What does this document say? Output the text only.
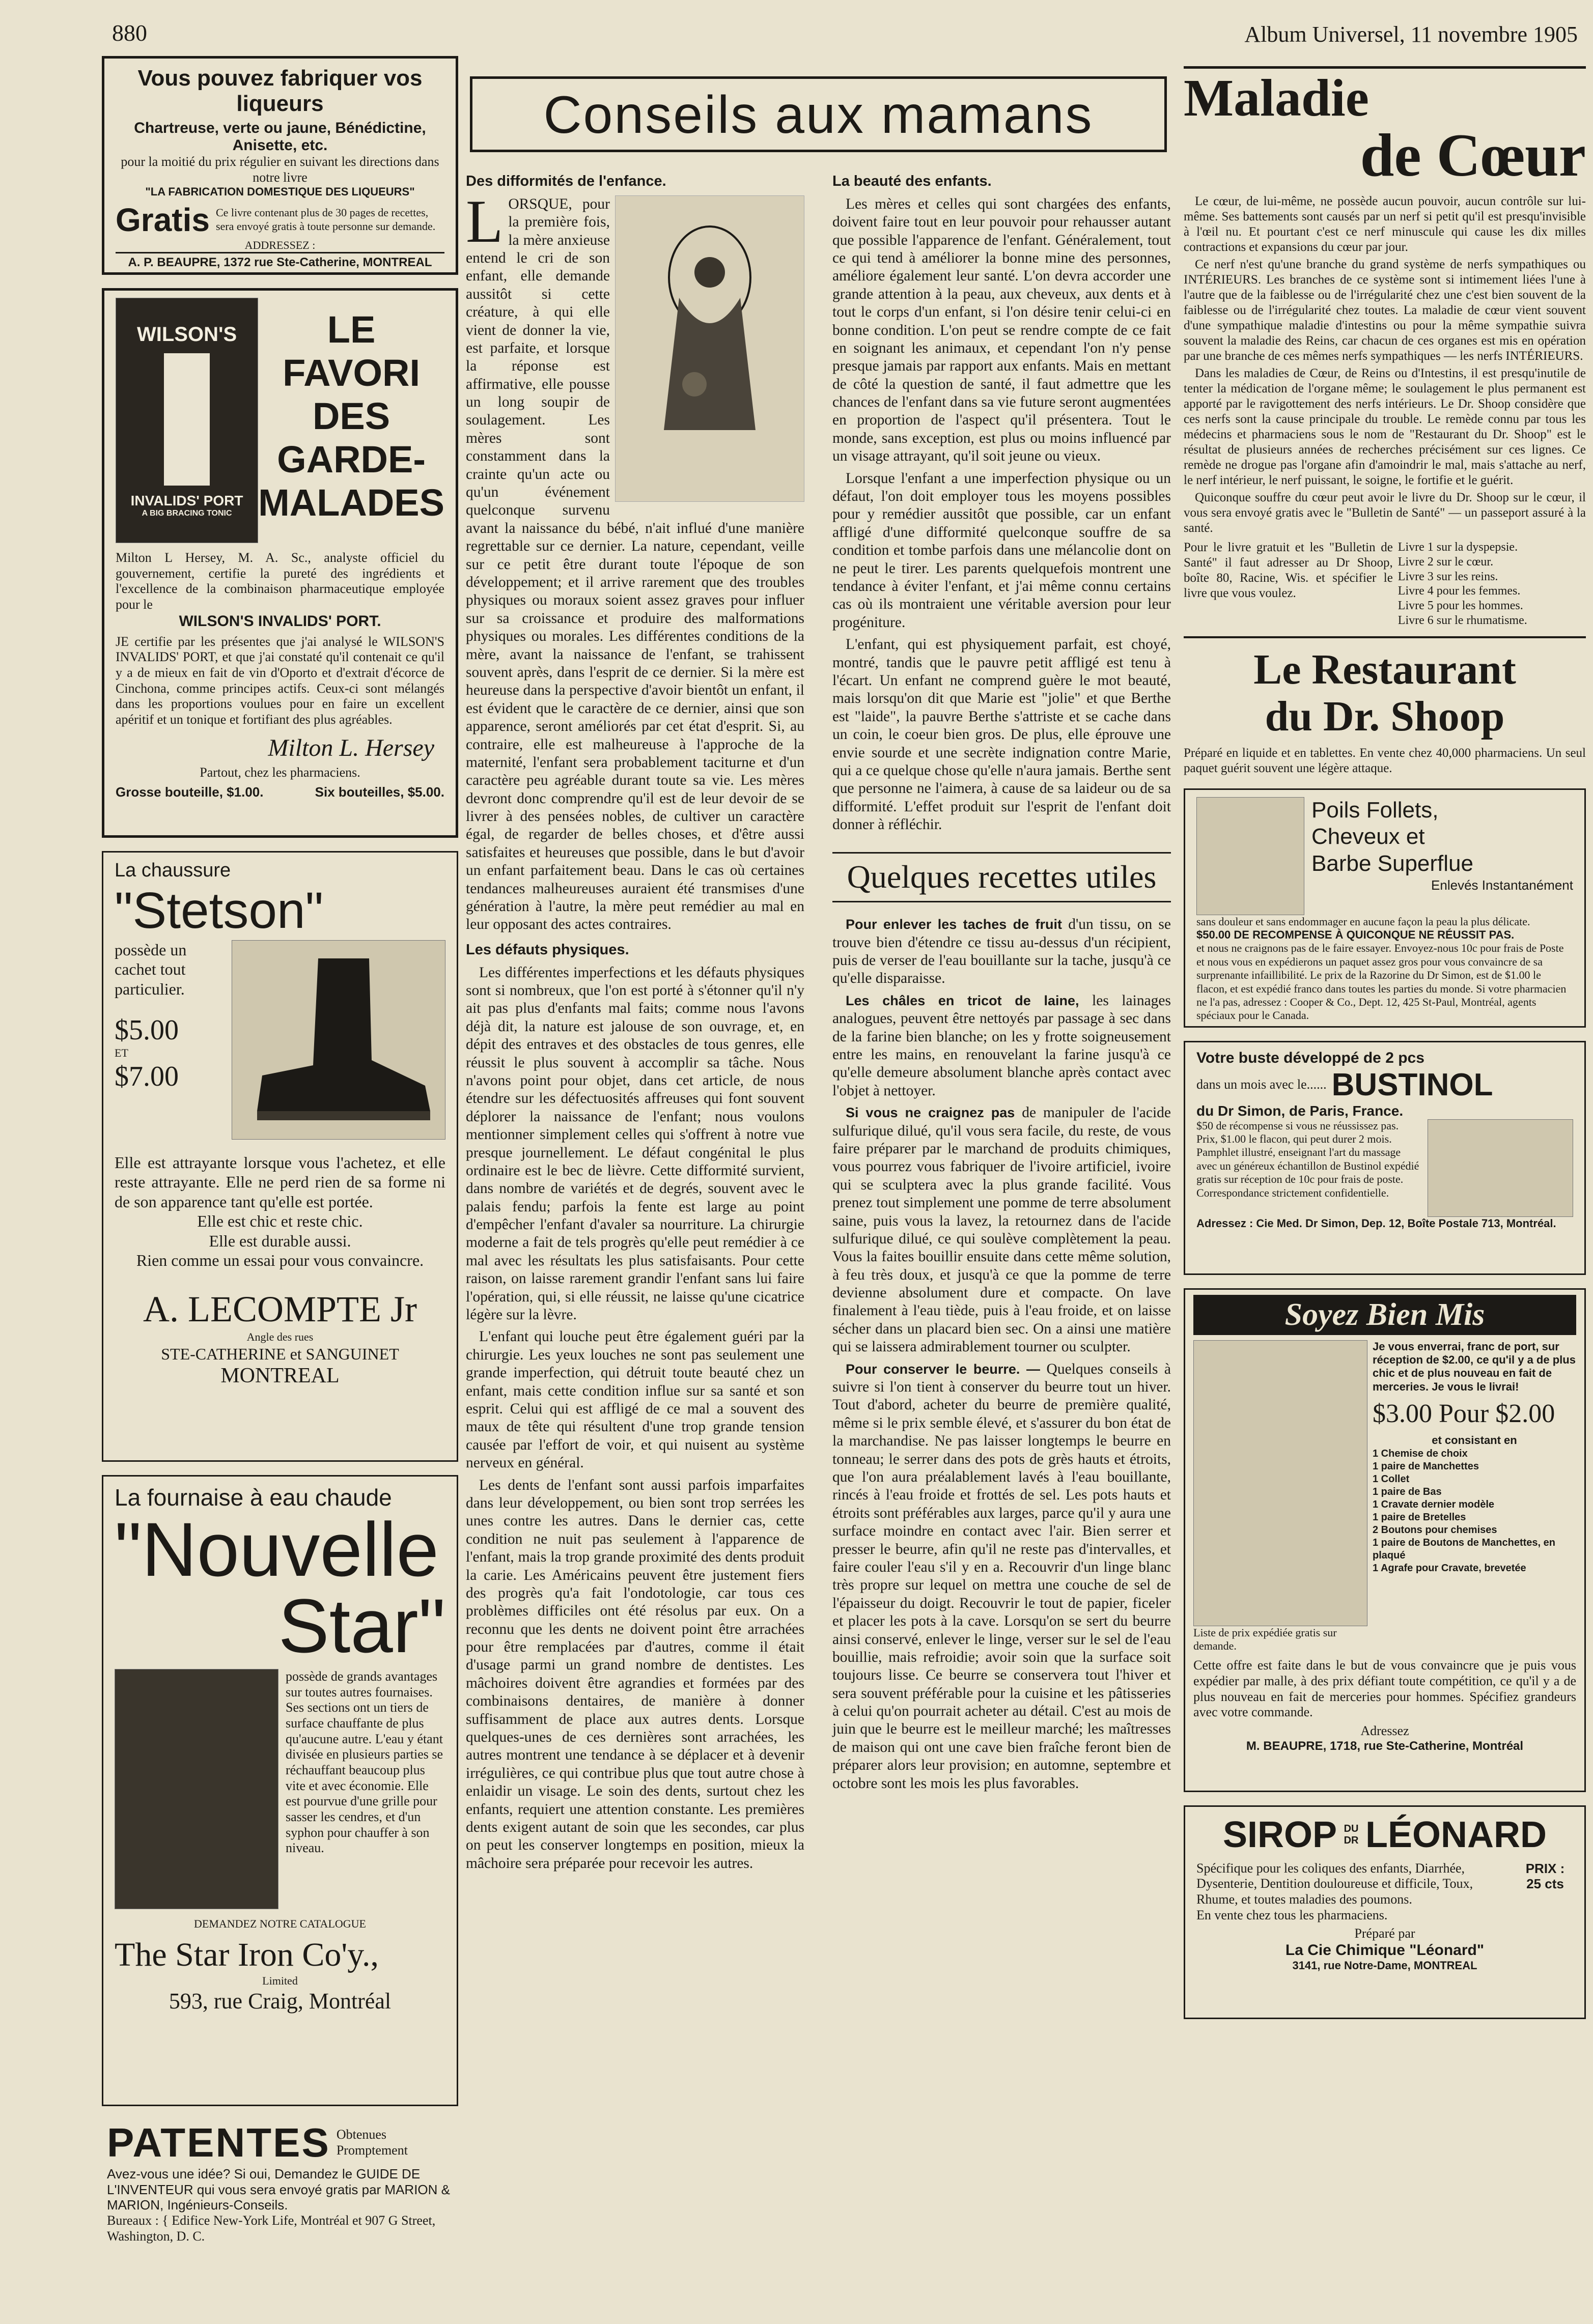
880	Album Universel, 11 novembre 1905
Vous pouvez fabriquer vos liqueurs
Chartreuse, verte ou jaune, Bénédictine, Anisette, etc.
pour la moitié du prix régulier en suivant les directions dans notre livre
"LA FABRICATION DOMESTIQUE DES LIQUEURS"
Gratis Ce livre contenant plus de 30 pages de recettes, sera envoyé gratis à toute personne sur demande.
ADDRESSEZ :
A. P. BEAUPRE, 1372 rue Ste-Catherine, MONTREAL
WILSON'S
INVALIDS' PORT
A BIG BRACING TONIC
LE FAVORI
DES
GARDE-
MALADES
Milton L Hersey, M. A. Sc., analyste officiel du gouvernement, certifie la pureté des ingrédients et l'excellence de la combinaison pharmaceutique employée pour le
WILSON'S INVALIDS' PORT.
JE certifie par les présentes que j'ai analysé le WILSON'S INVALIDS' PORT, et que j'ai constaté qu'il contenait ce qu'il y a de mieux en fait de vin d'Oporto et d'extrait d'écorce de Cinchona, comme principes actifs. Ceux-ci sont mélangés dans les proportions voulues pour en faire un excellent apéritif et un tonique et fortifiant des plus agréables.
Milton L. Hersey
Partout, chez les pharmaciens.
Grosse bouteille, $1.00.	Six bouteilles, $5.00.
La chaussure
"Stetson"
possède un cachet tout particulier.
$5.00
ET
$7.00
Elle est attrayante lorsque vous l'achetez, et elle reste attrayante. Elle ne perd rien de sa forme ni de son apparence tant qu'elle est portée.
Elle est chic et reste chic.
Elle est durable aussi.
Rien comme un essai pour vous convaincre.
A. LECOMPTE Jr
Angle des rues
STE-CATHERINE et SANGUINET
MONTREAL
La fournaise à eau chaude
"Nouvelle
Star"
possède de grands avantages sur toutes autres fournaises. Ses sections ont un tiers de surface chauffante de plus qu'aucune autre. L'eau y étant divisée en plusieurs parties se réchauffant beaucoup plus vite et avec économie. Elle est pourvue d'une grille pour sasser les cendres, et d'un syphon pour chauffer à son niveau.
DEMANDEZ NOTRE CATALOGUE
The Star Iron Co'y.,
Limited
593, rue Craig, Montréal
PATENTES Obtenues Promptement
Avez-vous une idée? Si oui, Demandez le GUIDE DE L'INVENTEUR qui vous sera envoyé gratis par MARION & MARION, Ingénieurs-Conseils.
Bureaux : { Edifice New-York Life, Montréal et 907 G Street, Washington, D. C.
Conseils aux mamans
Des difformités de l'enfance.

LORSQUE, pour la première fois, la mère anxieuse entend le cri de son enfant, elle demande aussitôt si cette créature, à qui elle vient de donner la vie, est parfaite, et lorsque la réponse est affirmative, elle pousse un long soupir de soulagement. Les mères sont constamment dans la crainte qu'un acte ou qu'un événement quelconque survenu avant la naissance du bébé, n'ait influé d'une manière regrettable sur ce dernier. La nature, cependant, veille sur ce petit être durant toute l'époque de son développement; et il arrive rarement que des troubles physiques ou moraux soient assez graves pour influer sur sa croissance et produire des malformations physiques ou morales. Les différentes conditions de la mère, avant la naissance de l'enfant, se trahissent souvent après, dans l'esprit de ce dernier. Si la mère est heureuse dans la perspective d'avoir bientôt un enfant, il est évident que le caractère de ce dernier, ainsi que son apparence, seront améliorés par cet état d'esprit. Si, au contraire, elle est malheureuse à l'approche de la maternité, l'enfant sera probablement taciturne et d'un caractère peu agréable durant toute sa vie. Les mères devront donc comprendre qu'il est de leur devoir de se livrer à des pensées nobles, de cultiver un caractère égal, de regarder de belles choses, et d'être aussi satisfaites et heureuses que possible, dans le but d'avoir un enfant parfaitement beau. Dans le cas où certaines tendances malheureuses auraient été transmises d'une génération à l'autre, la mère peut remédier au mal en leur opposant des actes contraires.

Les défauts physiques.

Les différentes imperfections et les défauts physiques sont si nombreux, que l'on est porté à s'étonner qu'il n'y ait pas plus d'enfants mal faits; comme nous l'avons déjà dit, la nature est jalouse de son ouvrage, et, en dépit des entraves et des obstacles de tous genres, elle réussit le plus souvent à accomplir sa tâche. Nous n'avons point pour objet, dans cet article, de nous étendre sur les défectuosités affreuses qui font souvent déplorer la naissance de l'enfant; nous voulons mentionner simplement celles qui s'offrent à notre vue presque journellement. Le défaut congénital le plus ordinaire est le bec de lièvre. Cette difformité survient, dans nombre de variétés et de degrés, souvent avec le palais fendu; parfois la fente est large au point d'empêcher l'enfant d'avaler sa nourriture. La chirurgie moderne a fait de tels progrès qu'elle peut remédier à ce mal avec les résultats les plus satisfaisants. Pour cette raison, on laisse rarement grandir l'enfant sans lui faire l'opération, qui, si elle réussit, ne laisse qu'une cicatrice légère sur la lèvre.

L'enfant qui louche peut être également guéri par la chirurgie. Les yeux louches ne sont pas seulement une grande imperfection, qui détruit toute beauté chez un enfant, mais cette condition influe sur sa santé et son esprit. Celui qui est affligé de ce mal a souvent des maux de tête qui résultent d'une trop grande tension causée par l'effort de voir, et qui nuisent au système nerveux en général.

Les dents de l'enfant sont aussi parfois imparfaites dans leur développement, ou bien sont trop serrées les unes contre les autres. Dans le dernier cas, cette condition ne nuit pas seulement à l'apparence de l'enfant, mais la trop grande proximité des dents produit la carie. Les Américains peuvent être justement fiers des progrès qu'a fait l'ondotologie, car tous ces problèmes difficiles ont été résolus par eux. On a reconnu que les dents ne doivent point être arrachées pour être remplacées par d'autres, comme il était d'usage parmi un grand nombre de dentistes. Les mâchoires doivent être agrandies et formées par des combinaisons dentaires, de manière à donner suffisamment de place aux autres dents. Lorsque quelques-unes de ces dernières sont arrachées, les autres montrent une tendance à se déplacer et à devenir irrégulières, ce qui contribue plus que tout autre chose à enlaidir un visage. Le soin des dents, surtout chez les enfants, requiert une attention constante. Les premières dents exigent autant de soin que les secondes, car plus on peut les conserver longtemps en position, mieux la mâchoire sera préparée pour recevoir les autres.

La beauté des enfants.

Les mères et celles qui sont chargées des enfants, doivent faire tout en leur pouvoir pour rehausser autant que possible l'apparence de l'enfant. Généralement, tout ce qui tend à améliorer la bonne mine des personnes, améliore également leur santé. L'on devra accorder une grande attention à la peau, aux cheveux, aux dents et à tout le corps d'un enfant, si l'on désire tenir celui-ci en bonne condition. L'on peut se rendre compte de ce fait en soignant les animaux, et cependant l'on n'y pense presque jamais par rapport aux enfants. Mais en mettant de côté la question de santé, il faut admettre que les chances de l'enfant dans sa vie future seront augmentées en proportion de l'aspect qu'il présentera. Tout le monde, sans exception, est plus ou moins influencé par un visage attrayant, qu'il soit jeune ou vieux.

Lorsque l'enfant a une imperfection physique ou un défaut, l'on doit employer tous les moyens possibles pour y remédier aussitôt que possible, car un enfant affligé d'une difformité quelconque souffre de sa condition et tombe parfois dans une mélancolie dont on ne peut le tirer. Les parents quelquefois montrent une tendance à éviter l'enfant, et j'ai même connu certains cas où ils montraient une véritable aversion pour leur progéniture.

L'enfant, qui est physiquement parfait, est choyé, montré, tandis que le pauvre petit affligé est tenu à l'écart. Un enfant ne comprend guère le mot beauté, mais lorsqu'on dit que Marie est "jolie" et que Berthe est "laide", la pauvre Berthe s'attriste et se cache dans un coin, le coeur bien gros. De plus, elle éprouve une envie sourde et une secrète indignation contre Marie, qui a ce quelque chose qu'elle n'aura jamais. Berthe sent que personne ne l'aimera, à cause de sa laideur ou de sa difformité. L'effet produit sur l'esprit de l'enfant doit donner à réfléchir.

Quelques recettes utiles

Pour enlever les taches de fruit d'un tissu, on se trouve bien d'étendre ce tissu au-dessus d'un récipient, puis de verser de l'eau bouillante sur la tache, jusqu'à ce qu'elle disparaisse.

Les châles en tricot de laine, les lainages analogues, peuvent être nettoyés par passage à sec dans de la farine bien blanche; on les y frotte soigneusement entre les mains, en renouvelant la farine jusqu'à ce qu'elle demeure absolument blanche après contact avec l'objet à nettoyer.

Si vous ne craignez pas de manipuler de l'acide sulfurique dilué, qu'il vous sera facile, du reste, de vous faire préparer par le marchand de produits chimiques, vous pourrez vous fabriquer de l'ivoire artificiel, ivoire qui se sculptera avec la plus grande facilité. Vous prenez tout simplement une pomme de terre absolument saine, puis vous la lavez, la retournez dans de l'acide sulfurique dilué, ce qui soulève complètement la peau. Vous la faites bouillir ensuite dans cette même solution, à feu très doux, et jusqu'à ce que la pomme de terre devienne absolument dure et compacte. On lave finalement à l'eau tiède, puis à l'eau froide, et on laisse sécher dans un placard bien sec. On a ainsi une matière qui se laissera admirablement tourner ou sculpter.

Pour conserver le beurre. — Quelques conseils à suivre si l'on tient à conserver du beurre tout un hiver. Tout d'abord, acheter du beurre de première qualité, même si le prix semble élevé, et s'assurer du bon état de la marchandise. Ne pas laisser longtemps le beurre en tonneau; le serrer dans des pots de grès hauts et étroits, que l'on aura préalablement lavés à l'eau bouillante, rincés à l'eau froide et frottés de sel. Les pots hauts et étroits sont préférables aux larges, parce qu'il y aura une surface moindre en contact avec l'air. Bien serrer et presser le beurre, afin qu'il ne reste pas d'intervalles, et faire couler l'eau s'il y en a. Recouvrir d'un linge blanc très propre sur lequel on mettra une couche de sel de l'épaisseur du doigt. Recouvrir le tout de papier, ficeler et placer les pots à la cave. Lorsqu'on se sert du beurre ainsi conservé, enlever le linge, verser sur le sel de l'eau bouillie, mais refroidie; avoir soin que la surface soit toujours lisse. Ce beurre se conservera tout l'hiver et sera souvent préférable pour la cuisine et les pâtisseries à celui qu'on pourrait acheter au détail. C'est au mois de juin que le beurre est le meilleur marché; les maîtresses de maison qui ont une cave bien fraîche feront bien de préparer alors leur provision; en automne, septembre et octobre sont les mois les plus favorables.

Maladie
de Cœur

Le cœur, de lui-même, ne possède aucun pouvoir, aucun contrôle sur lui-même. Ses battements sont causés par un nerf si petit qu'il est presqu'invisible à l'œil nu. Et pourtant c'est ce nerf minuscule qui cause les dix milles contractions et expansions du cœur par jour.

Ce nerf n'est qu'une branche du grand système de nerfs sympathiques ou INTÉRIEURS. Les branches de ce système sont si intimement liées l'une à l'autre que de la faiblesse ou de l'irrégularité chez une c'est bien souvent de la faiblesse ou de l'irrégularité chez toutes. La maladie de cœur vient souvent d'une sympathique maladie d'intestins ou pour la même sympathie suivra souvent la maladie des Reins, car chacun de ces organes est mis en opération par une branche de ces mêmes nerfs sympathiques — les nerfs INTÉRIEURS.

Dans les maladies de Cœur, de Reins ou d'Intestins, il est presqu'inutile de tenter la médication de l'organe même; le soulagement le plus permanent est apporté par le ravigottement des nerfs intérieurs. Le Dr. Shoop considère que ces nerfs sont la cause principale du trouble. Le remède connu par tous les médecins et pharmaciens sous le nom de "Restaurant du Dr. Shoop" est le résultat de plusieurs années de recherches précisément sur ces lignes. Ce remède ne drogue pas l'organe afin d'amoindrir le mal, mais s'attache au nerf, le nerf intérieur, le nerf puissant, le soigne, le fortifie et le guérit.

Quiconque souffre du cœur peut avoir le livre du Dr. Shoop sur le cœur, il vous sera envoyé gratis avec le "Bulletin de Santé" — un passeport assuré à la santé.

Pour le livre gratuit et les "Bulletin de Santé" il faut adresser au Dr Shoop, boîte 80, Racine, Wis. et spécifier le livre que vous voulez.
Livre 1 sur la dyspepsie.
Livre 2 sur le cœur.
Livre 3 sur les reins.
Livre 4 pour les femmes.
Livre 5 pour les hommes.
Livre 6 sur le rhumatisme.
Le Restaurant
du Dr. Shoop
Préparé en liquide et en tablettes. En vente chez 40,000 pharmaciens. Un seul paquet guérit souvent une légère attaque.
Poils Follets,
Cheveux et
Barbe Superflue
Enlevés Instantanément
sans douleur et sans endommager en aucune façon la peau la plus délicate.
$50.00 DE RECOMPENSE À QUICONQUE NE RÉUSSIT PAS.
et nous ne craignons pas de le faire essayer. Envoyez-nous 10c pour frais de Poste et nous vous en expédierons un paquet assez gros pour vous convaincre de sa surprenante infaillibilité. Le prix de la Razorine du Dr Simon, est de $1.00 le flacon, et est expédié franco dans toutes les parties du monde. Si votre pharmacien ne l'a pas, adressez : Cooper & Co., Dept. 12, 425 St-Paul, Montréal, agents spéciaux pour le Canada.
Votre buste développé de 2 pcs
dans un mois avec le...... BUSTINOL
du Dr Simon, de Paris, France.
$50 de récompense si vous ne réussissez pas. Prix, $1.00 le flacon, qui peut durer 2 mois. Pamphlet illustré, enseignant l'art du massage avec un généreux échantillon de Bustinol expédié gratis sur réception de 10c pour frais de poste. Correspondance strictement confidentielle.
Adressez : Cie Med. Dr Simon, Dep. 12, Boîte Postale 713, Montréal.
Soyez Bien Mis
Je vous enverrai, franc de port, sur réception de $2.00, ce qu'il y a de plus chic et de plus nouveau en fait de merceries. Je vous le livrai!
$3.00 Pour $2.00
et consistant en
1 Chemise de choix
1 paire de Manchettes
1 Collet
1 paire de Bas
1 Cravate dernier modèle
1 paire de Bretelles
2 Boutons pour chemises
1 paire de Boutons de Manchettes, en plaqué
1 Agrafe pour Cravate, brevetée
Liste de prix expédiée gratis sur demande.
Cette offre est faite dans le but de vous convaincre que je puis vous expédier par malle, à des prix défiant toute compétition, ce qu'il y a de plus nouveau en fait de merceries pour hommes. Spécifiez grandeurs avec votre commande.
Adressez
M. BEAUPRE, 1718, rue Ste-Catherine, Montréal
SIROP DU DR LÉONARD
Spécifique pour les coliques des enfants, Diarrhée, Dysenterie, Dentition douloureuse et difficile, Toux, Rhume, et toutes maladies des poumons.
PRIX : 25 cts
En vente chez tous les pharmaciens.
Préparé par
La Cie Chimique "Léonard"
3141, rue Notre-Dame, MONTREAL
